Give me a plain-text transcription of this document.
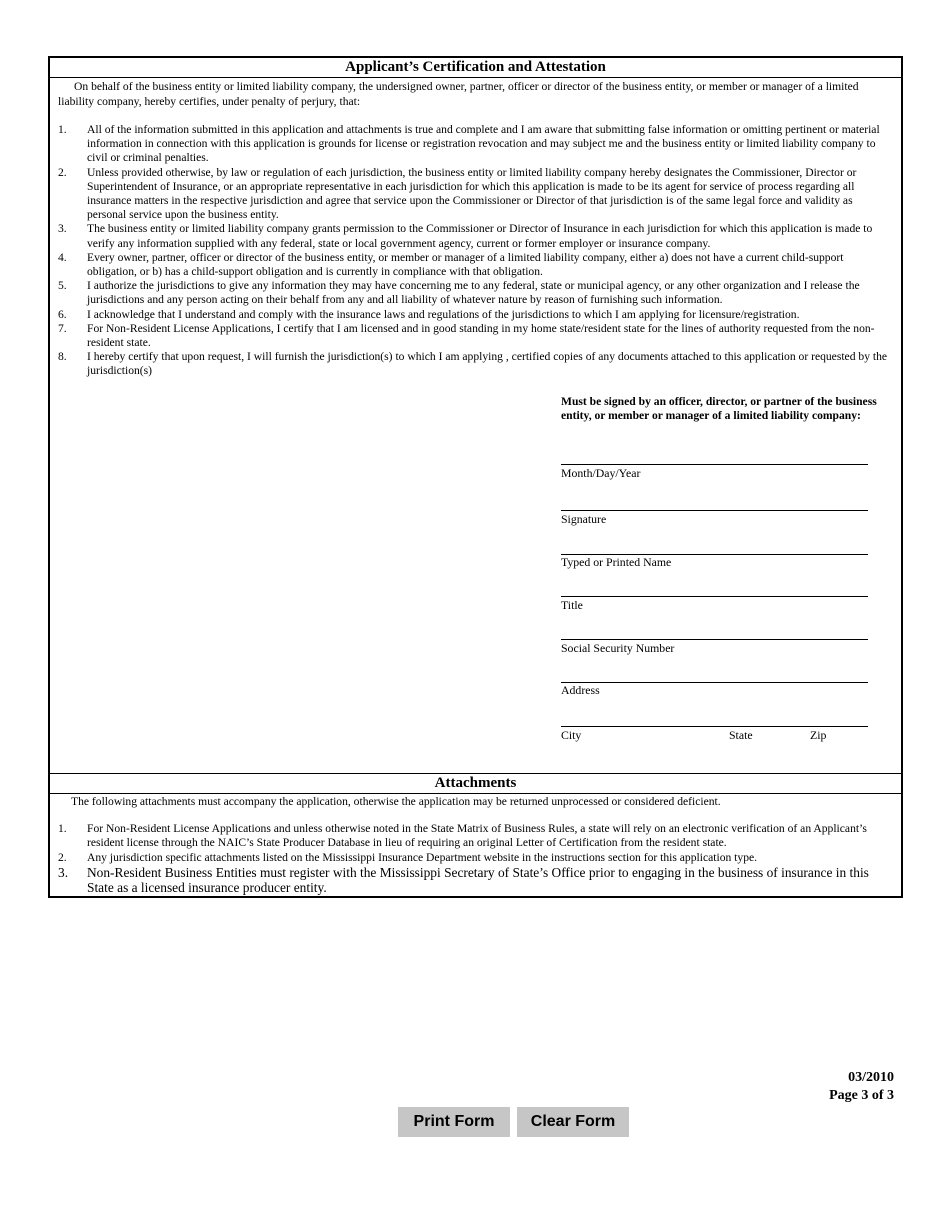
Applicant’s Certification and Attestation
On behalf of the business entity or limited liability company, the undersigned owner, partner, officer or director of the business entity, or member or manager of a limited liability company, hereby certifies, under penalty of perjury, that:
1. All of the information submitted in this application and attachments is true and complete and I am aware that submitting false information or omitting pertinent or material information in connection with this application is grounds for license or registration revocation and may subject me and the business entity or limited liability company to civil or criminal penalties.
2. Unless provided otherwise, by law or regulation of each jurisdiction, the business entity or limited liability company hereby designates the Commissioner, Director or Superintendent of Insurance, or an appropriate representative in each jurisdiction for which this application is made to be its agent for service of process regarding all insurance matters in the respective jurisdiction and agree that service upon the Commissioner or Director of that jurisdiction is of the same legal force and validity as personal service upon the business entity.
3. The business entity or limited liability company grants permission to the Commissioner or Director of Insurance in each jurisdiction for which this application is made to verify any information supplied with any federal, state or local government agency, current or former employer or insurance company.
4. Every owner, partner, officer or director of the business entity, or member or manager of a limited liability company, either a) does not have a current child-support obligation, or b) has a child-support obligation and is currently in compliance with that obligation.
5. I authorize the jurisdictions to give any information they may have concerning me to any federal, state or municipal agency, or any other organization and I release the jurisdictions and any person acting on their behalf from any and all liability of whatever nature by reason of furnishing such information.
6. I acknowledge that I understand and comply with the insurance laws and regulations of the jurisdictions to which I am applying for licensure/registration.
7. For Non-Resident License Applications, I certify that I am licensed and in good standing in my home state/resident state for the lines of authority requested from the non-resident state.
8. I hereby certify that upon request, I will furnish the jurisdiction(s) to which I am applying , certified copies of any documents attached to this application or requested by the jurisdiction(s)
Must be signed by an officer, director, or partner of the business entity, or member or manager of a limited liability company:
Month/Day/Year
Signature
Typed or Printed Name
Title
Social Security Number
Address
City	State	Zip
Attachments
The following attachments must accompany the application, otherwise the application may be returned unprocessed or considered deficient.
1. For Non-Resident License Applications and unless otherwise noted in the State Matrix of Business Rules, a state will rely on an electronic verification of an Applicant’s resident license through the NAIC’s State Producer Database in lieu of requiring an original Letter of Certification from the resident state.
2. Any jurisdiction specific attachments listed on the Mississippi Insurance Department website in the instructions section for this application type.
3. Non-Resident Business Entities must register with the Mississippi Secretary of State’s Office prior to engaging in the business of insurance in this State as a licensed insurance producer entity.
03/2010
Page 3 of 3
Print Form	Clear Form
